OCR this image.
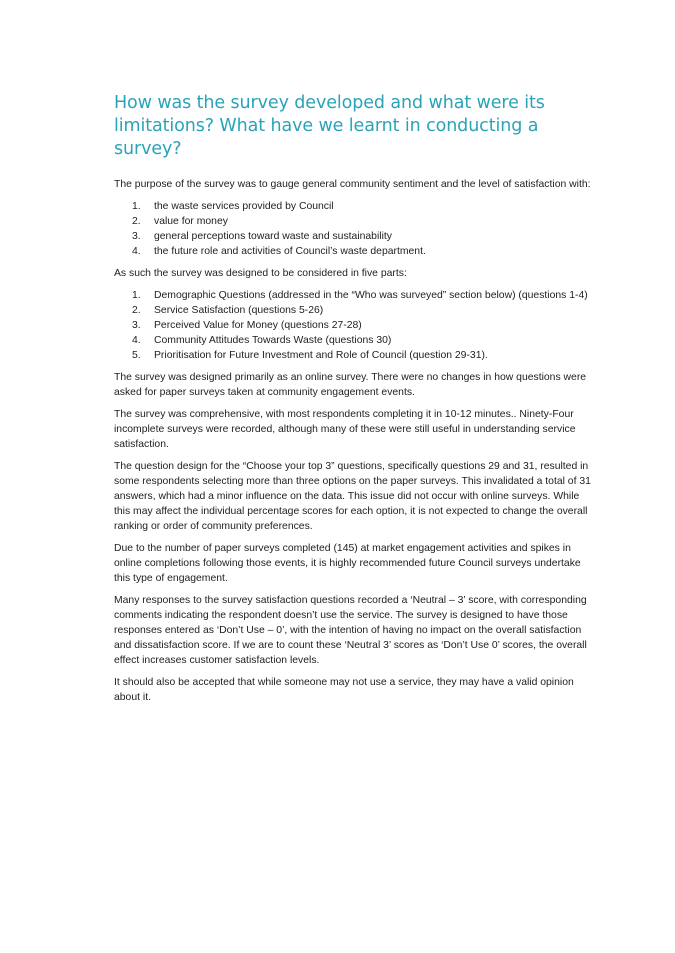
How was the survey developed and what were its limitations? What have we learnt in conducting a survey?

The purpose of the survey was to gauge general community sentiment and the level of satisfaction with:

1.	the waste services provided by Council
2.	value for money
3.	general perceptions toward waste and sustainability
4.	the future role and activities of Council’s waste department.

As such the survey was designed to be considered in five parts:

1.	Demographic Questions (addressed in the “Who was surveyed” section below) (questions 1-4)
2.	Service Satisfaction (questions 5-26)
3.	Perceived Value for Money (questions 27-28)
4.	Community Attitudes Towards Waste (questions 30)
5.	Prioritisation for Future Investment and Role of Council (question 29-31).

The survey was designed primarily as an online survey. There were no changes in how questions were asked for paper surveys taken at community engagement events.

The survey was comprehensive, with most respondents completing it in 10-12 minutes.. Ninety-Four incomplete surveys were recorded, although many of these were still useful in understanding service satisfaction.

The question design for the “Choose your top 3” questions, specifically questions 29 and 31, resulted in some respondents selecting more than three options on the paper surveys. This invalidated a total of 31 answers, which had a minor influence on the data. This issue did not occur with online surveys. While this may affect the individual percentage scores for each option, it is not expected to change the overall ranking or order of community preferences.

Due to the number of paper surveys completed (145) at market engagement activities and spikes in online completions following those events, it is highly recommended future Council surveys undertake this type of engagement.

Many responses to the survey satisfaction questions recorded a ‘Neutral – 3’ score, with corresponding comments indicating the respondent doesn’t use the service. The survey is designed to have those responses entered as ‘Don’t Use – 0’, with the intention of having no impact on the overall satisfaction and dissatisfaction score. If we are to count these ‘Neutral 3’ scores as ‘Don’t Use 0’ scores, the overall effect increases customer satisfaction levels.

It should also be accepted that while someone may not use a service, they may have a valid opinion about it.
